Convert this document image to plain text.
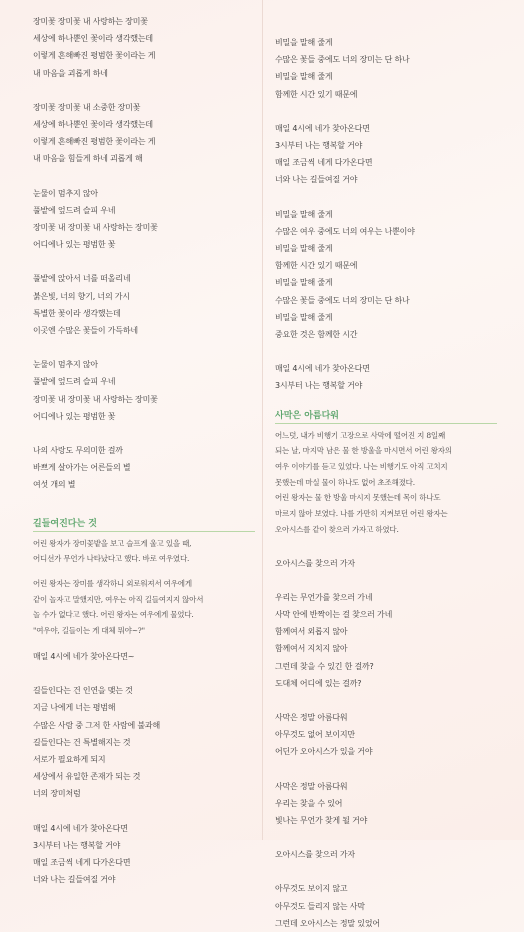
장미꽃 장미꽃 내 사랑하는 장미꽃
세상에 하나뿐인 꽃이라 생각했는데
이렇게 흔해빠진 평범한 꽃이라는 게
내 마음을 괴롭게 하네
장미꽃 장미꽃 내 소중한 장미꽃
세상에 하나뿐인 꽃이라 생각했는데
이렇게 흔해빠진 평범한 꽃이라는 게
내 마음을 힘들게 하네 괴롭게 해
눈물이 멈추지 않아
풀밭에 엎드려 슬피 우네
장미꽃 내 장미꽃 내 사랑하는 장미꽃
어디에나 있는 평범한 꽃
풀밭에 앉아서 너를 떠올리네
붉은빛, 너의 향기, 너의 가시
특별한 꽃이라 생각했는데
이곳엔 수많은 꽃들이 가득하네
눈물이 멈추지 않아
풀밭에 엎드려 슬피 우네
장미꽃 내 장미꽃 내 사랑하는 장미꽃
어디에나 있는 평범한 꽃
나의 사랑도 무의미한 걸까
바쁘게 살아가는 어른들의 별
여섯 개의 별
길들여진다는 것
어린 왕자가 장미꽃밭을 보고 슬프게 울고 있을 때,
어디선가 무언가 나타났다고 했다. 바로 여우였다.
어린 왕자는 장미를 생각하니 외로워져서 여우에게
같이 놀자고 말했지만, 여우는 아직 길들여지지 않아서
놀 수가 없다고 했다. 어린 왕자는 여우에게 물었다.
"여우야, 길들이는 게 대체 뭐야~?"
매일 4시에 네가 찾아온다면~
길들인다는 건 인연을 맺는 것
지금 나에게 너는 평범해
수많은 사람 중 그저 한 사람에 불과해
길들인다는 건 특별해지는 것
서로가 필요하게 되지
세상에서 유일한 존재가 되는 것
너의 장미처럼
매일 4시에 네가 찾아온다면
3시부터 나는 행복할 거야
매일 조금씩 네게 다가온다면
너와 나는 길들여질 거야
비밀을 말해 줄게
수많은 꽃들 중에도 너의 장미는 단 하나
비밀을 말해 줄게
함께한 시간 있기 때문에
매일 4시에 네가 찾아온다면
3시부터 나는 행복할 거야
매일 조금씩 네게 다가온다면
너와 나는 길들여질 거야
비밀을 말해 줄게
수많은 여우 중에도 너의 여우는 나뿐이야
비밀을 말해 줄게
함께한 시간 있기 때문에
비밀을 말해 줄게
수많은 꽃들 중에도 너의 장미는 단 하나
비밀을 말해 줄게
중요한 것은 함께한 시간
매일 4시에 네가 찾아온다면
3시부터 나는 행복할 거야
사막은 아름다워
어느덧, 내가 비행기 고장으로 사막에 떨어진 지 8일째
되는 날, 마지막 남은 물 한 방울을 마시면서 어린 왕자의
여우 이야기를 듣고 있었다. 나는 비행기도 아직 고치지
못했는데 마실 물이 하나도 없어 초조해졌다.
어린 왕자는 물 한 방울 마시지 못했는데 목이 하나도
마르지 않아 보였다. 나를 가만히 지켜보던 어린 왕자는
오아시스를 같이 찾으러 가자고 하였다.
오아시스를 찾으러 가자
우리는 무언가를 찾으러 가네
사막 안에 반짝이는 걸 찾으러 가네
함께여서 외롭지 않아
함께여서 지치지 않아
그런데 찾을 수 있긴 한 걸까?
도대체 어디에 있는 걸까?
사막은 정말 아름다워
아무것도 없어 보이지만
어딘가 오아시스가 있을 거야
사막은 정말 아름다워
우리는 찾을 수 있어
빛나는 무언가 찾게 될 거야
오아시스를 찾으러 가자
아무것도 보이지 않고
아무것도 들리지 않는 사막
그런데 오아시스는 정말 있었어
